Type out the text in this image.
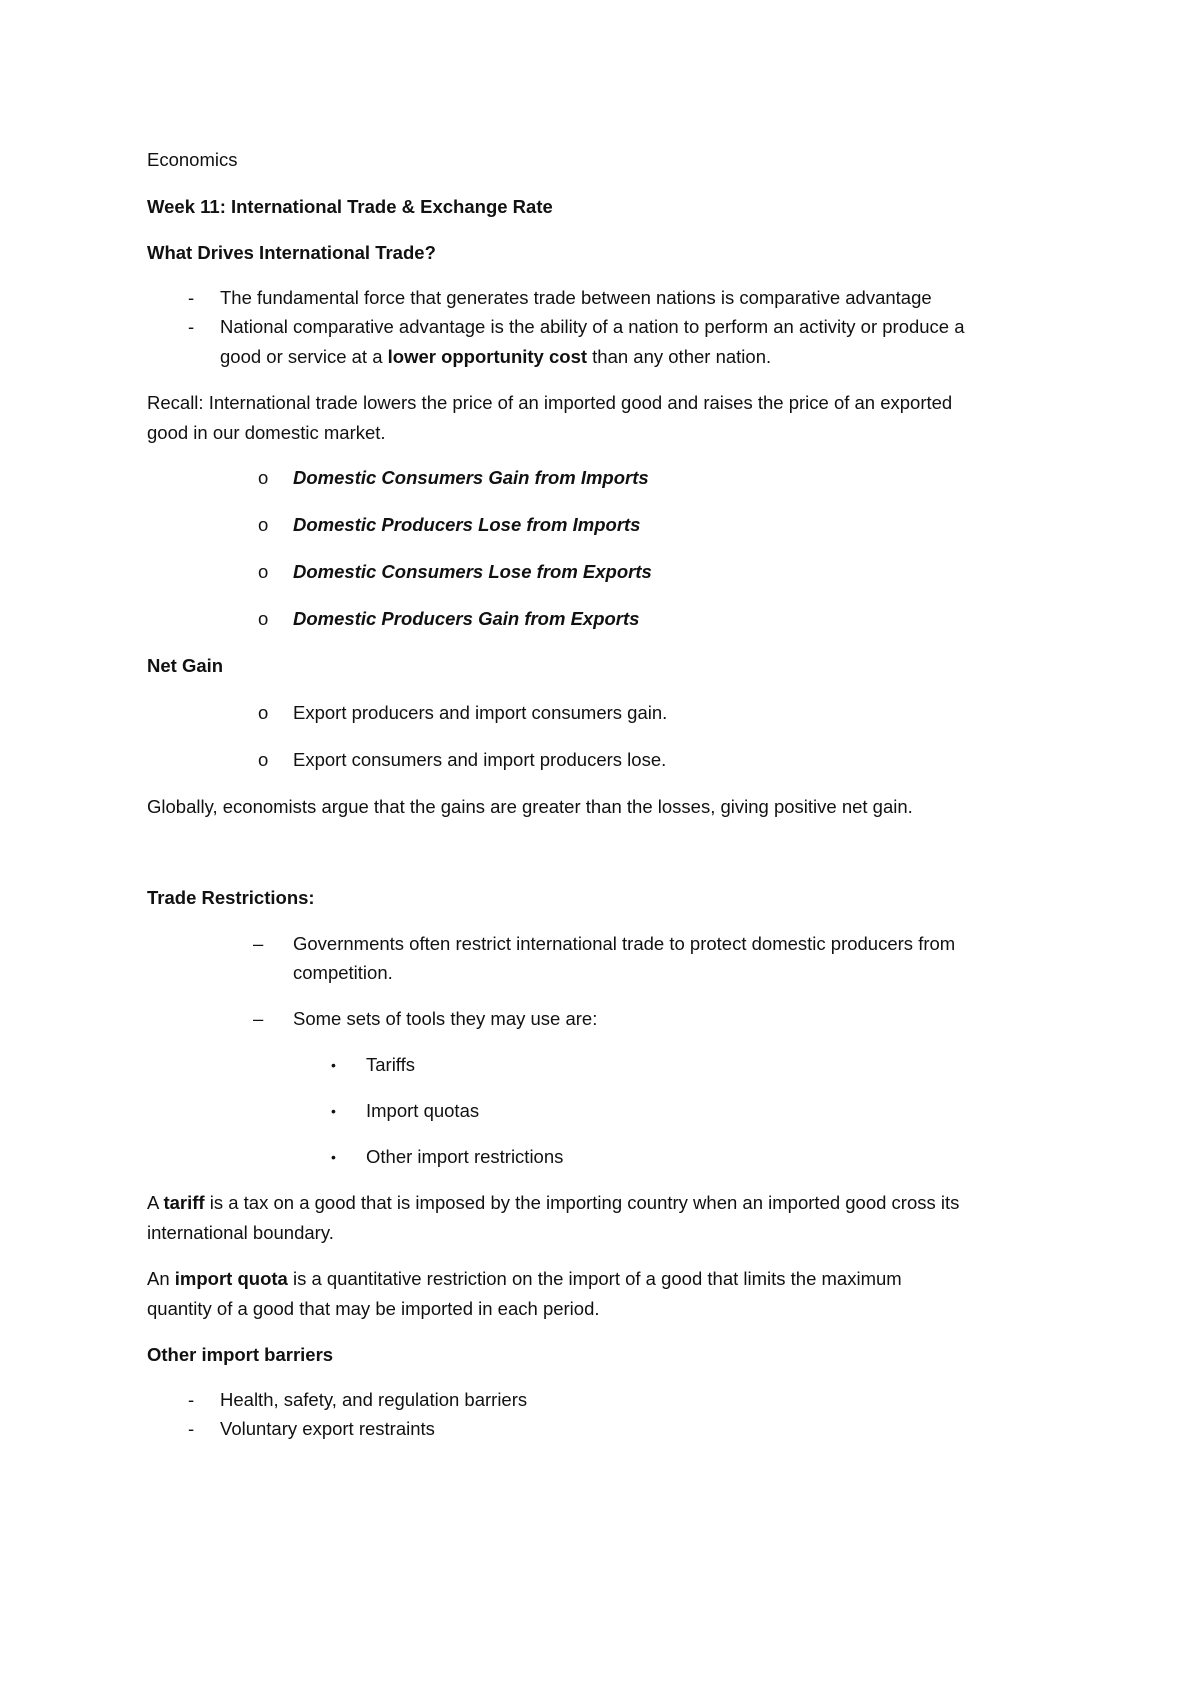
Economics
Week 11: International Trade & Exchange Rate
What Drives International Trade?
- The fundamental force that generates trade between nations is comparative advantage
- National comparative advantage is the ability of a nation to perform an activity or produce a
good or service at a lower opportunity cost than any other nation.
Recall: International trade lowers the price of an imported good and raises the price of an exported
good in our domestic market.
o Domestic Consumers Gain from Imports
o Domestic Producers Lose from Imports
o Domestic Consumers Lose from Exports
o Domestic Producers Gain from Exports
Net Gain
o Export producers and import consumers gain.
o Export consumers and import producers lose.
Globally, economists argue that the gains are greater than the losses, giving positive net gain.
Trade Restrictions:
– Governments often restrict international trade to protect domestic producers from
competition.
– Some sets of tools they may use are:
• Tariffs
• Import quotas
• Other import restrictions
A tariff is a tax on a good that is imposed by the importing country when an imported good cross its
international boundary.
An import quota is a quantitative restriction on the import of a good that limits the maximum
quantity of a good that may be imported in each period.
Other import barriers
- Health, safety, and regulation barriers
- Voluntary export restraints
